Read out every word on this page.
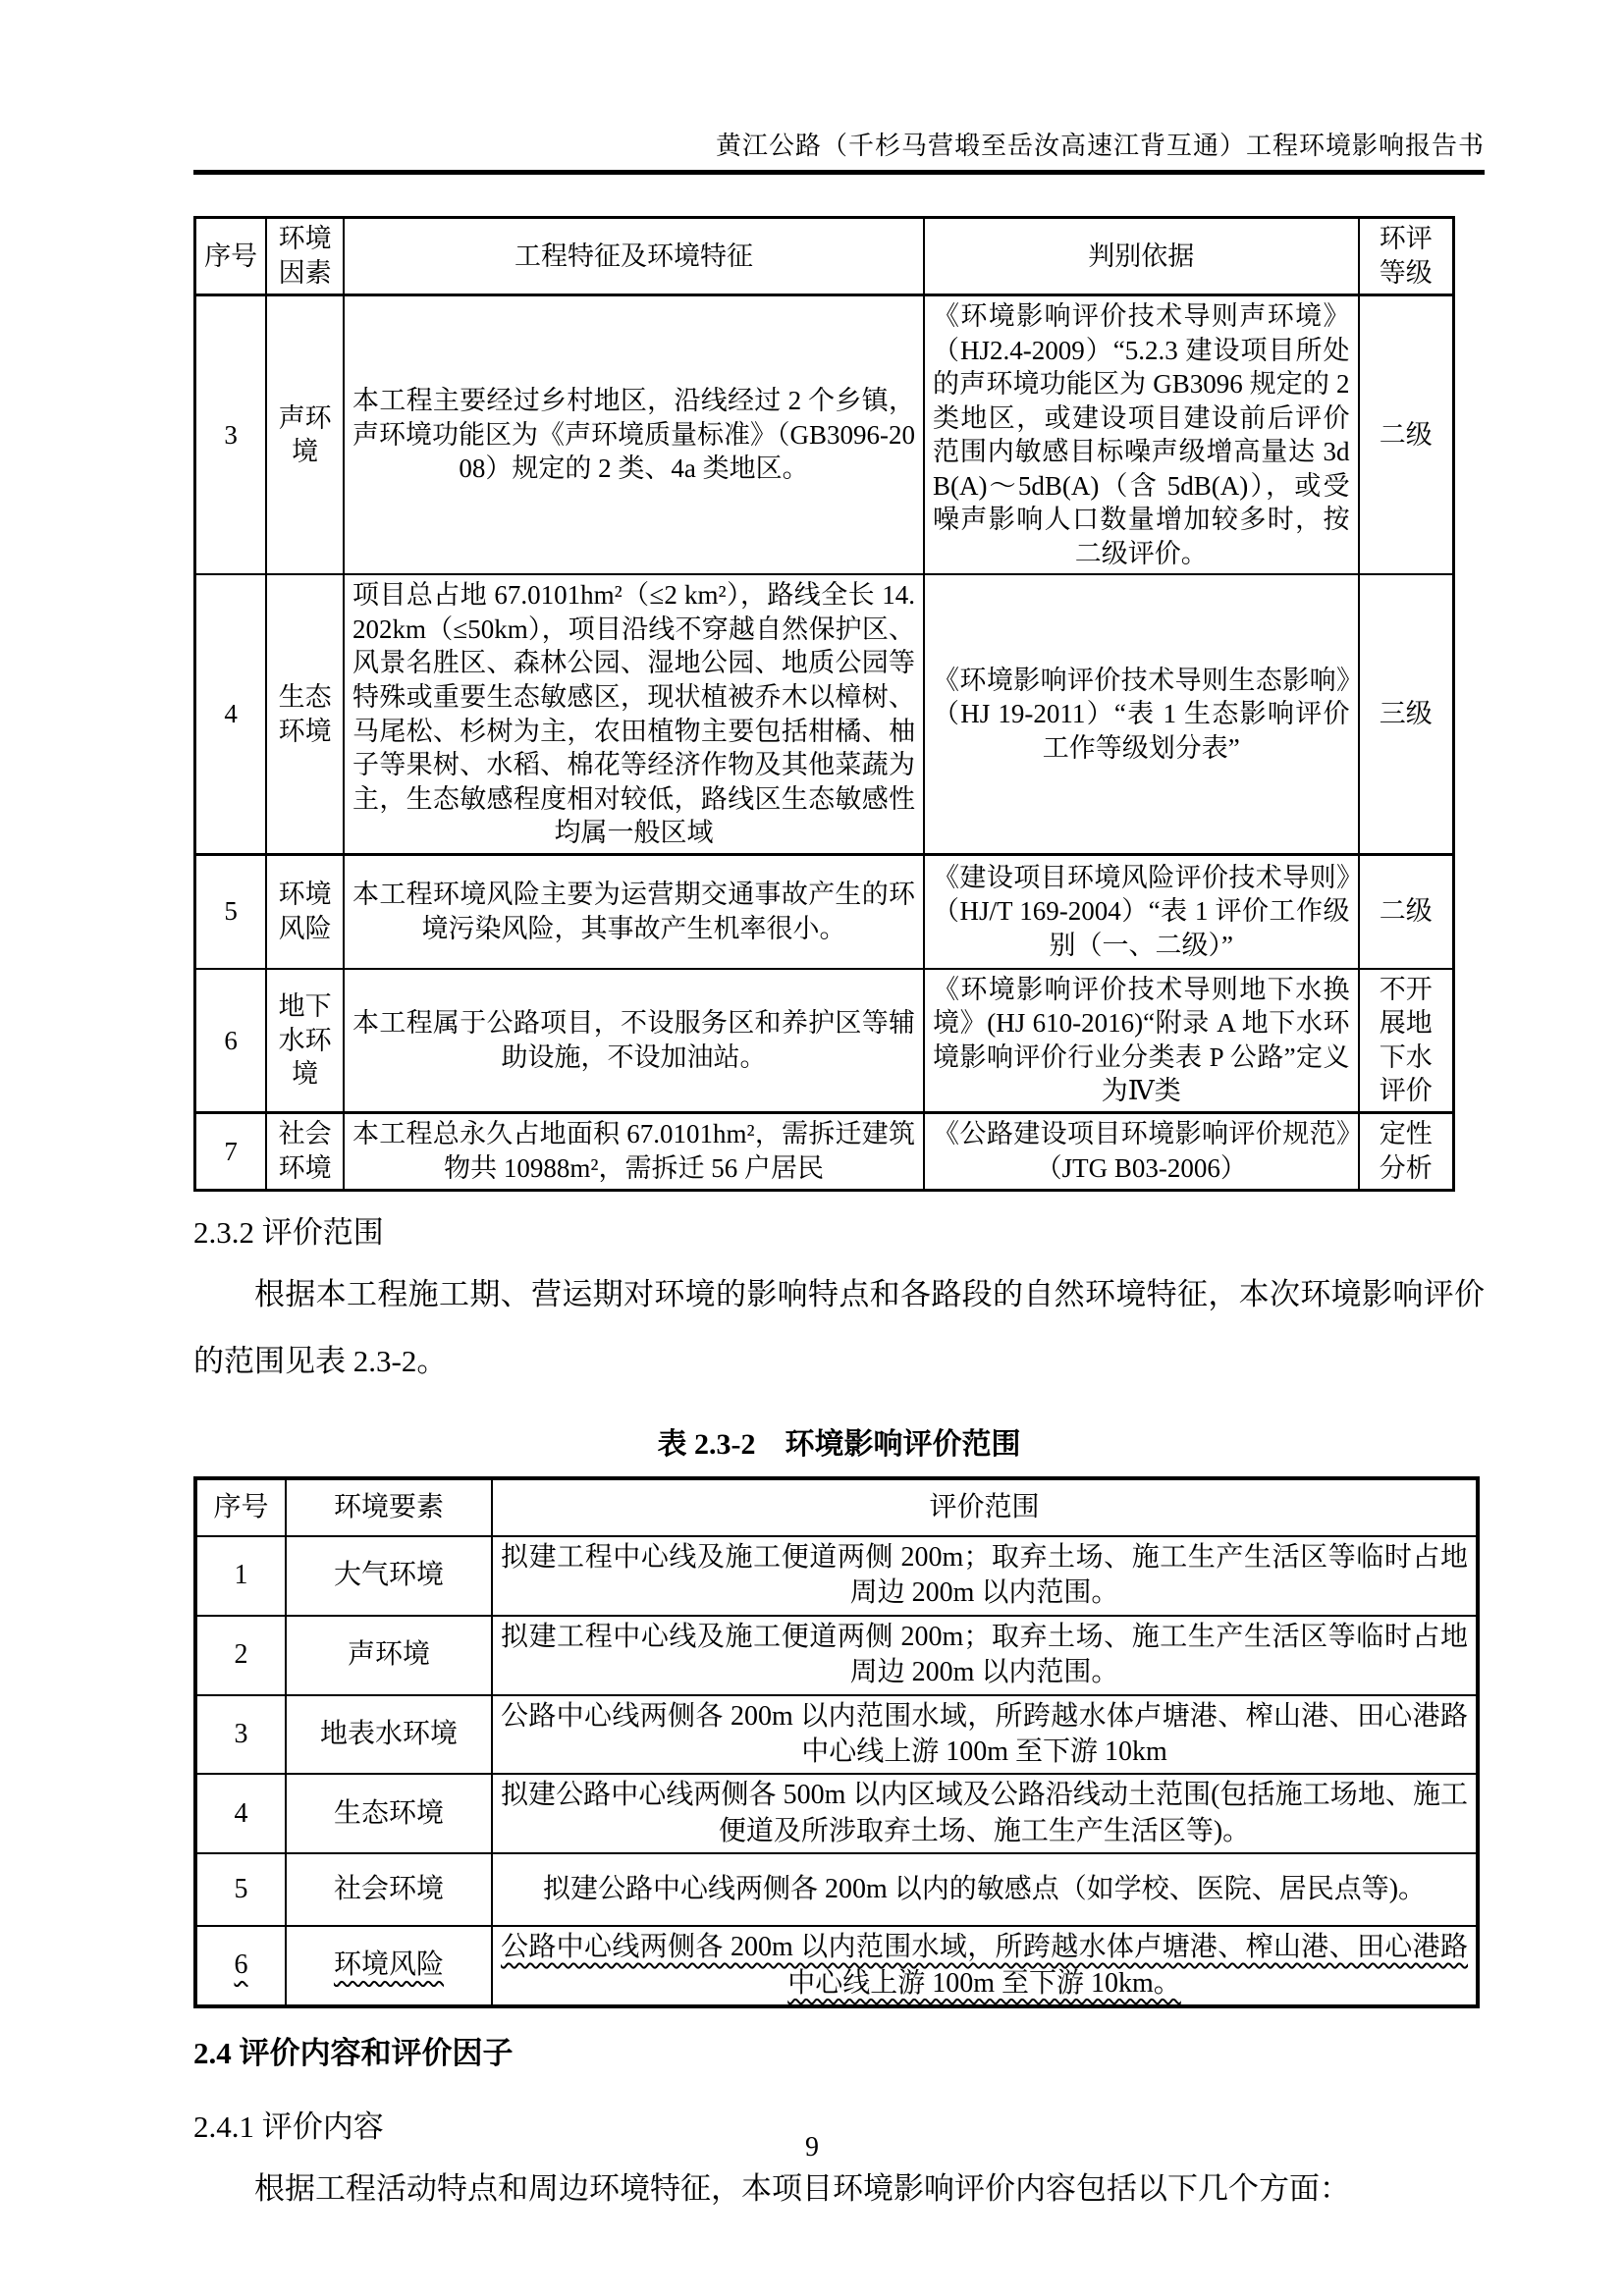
黄江公路（千杉马营塅至岳汝高速江背互通）工程环境影响报告书
序号	环境因素	工程特征及环境特征	判别依据	环评等级
3	声环境	本工程主要经过乡村地区，沿线经过 2 个乡镇，声环境功能区为《声环境质量标准》（GB3096-2008）规定的 2 类、4a 类地区。	《环境影响评价技术导则声环境》（HJ2.4-2009）“5.2.3 建设项目所处的声环境功能区为 GB3096 规定的 2 类地区，或建设项目建设前后评价范围内敏感目标噪声级增高量达 3dB(A)～5dB(A)（含 5dB(A)），或受噪声影响人口数量增加较多时，按二级评价。	二级
4	生态环境	项目总占地 67.0101hm²（≤2 km²），路线全长 14.202km（≤50km），项目沿线不穿越自然保护区、风景名胜区、森林公园、湿地公园、地质公园等特殊或重要生态敏感区，现状植被乔木以樟树、马尾松、杉树为主，农田植物主要包括柑橘、柚子等果树、水稻、棉花等经济作物及其他菜蔬为主，生态敏感程度相对较低，路线区生态敏感性均属一般区域	《环境影响评价技术导则生态影响》（HJ 19-2011）“表 1 生态影响评价工作等级划分表”	三级
5	环境风险	本工程环境风险主要为运营期交通事故产生的环境污染风险，其事故产生机率很小。	《建设项目环境风险评价技术导则》（HJ/T 169-2004）“表 1 评价工作级别（一、二级）”	二级
6	地下水环境	本工程属于公路项目，不设服务区和养护区等辅助设施，不设加油站。	《环境影响评价技术导则地下水换境》(HJ 610-2016)“附录 A 地下水环境影响评价行业分类表 P 公路”定义为Ⅳ类	不开展地下水评价
7	社会环境	本工程总永久占地面积 67.0101hm²，需拆迁建筑物共 10988m²，需拆迁 56 户居民	《公路建设项目环境影响评价规范》（JTG B03-2006）	定性分析
2.3.2 评价范围

根据本工程施工期、营运期对环境的影响特点和各路段的自然环境特征，本次环境影响评价的范围见表 2.3-2。

表 2.3-2　环境影响评价范围
序号	环境要素	评价范围
1	大气环境	拟建工程中心线及施工便道两侧 200m；取弃土场、施工生产生活区等临时占地周边 200m 以内范围。
2	声环境	拟建工程中心线及施工便道两侧 200m；取弃土场、施工生产生活区等临时占地周边 200m 以内范围。
3	地表水环境	公路中心线两侧各 200m 以内范围水域，所跨越水体卢塘港、榨山港、田心港路中心线上游 100m 至下游 10km
4	生态环境	拟建公路中心线两侧各 500m 以内区域及公路沿线动土范围(包括施工场地、施工便道及所涉取弃土场、施工生产生活区等)。
5	社会环境	拟建公路中心线两侧各 200m 以内的敏感点（如学校、医院、居民点等)。
6	环境风险	公路中心线两侧各 200m 以内范围水域，所跨越水体卢塘港、榨山港、田心港路中心线上游 100m 至下游 10km。
2.4 评价内容和评价因子
2.4.1 评价内容

根据工程活动特点和周边环境特征，本项目环境影响评价内容包括以下几个方面：

9
